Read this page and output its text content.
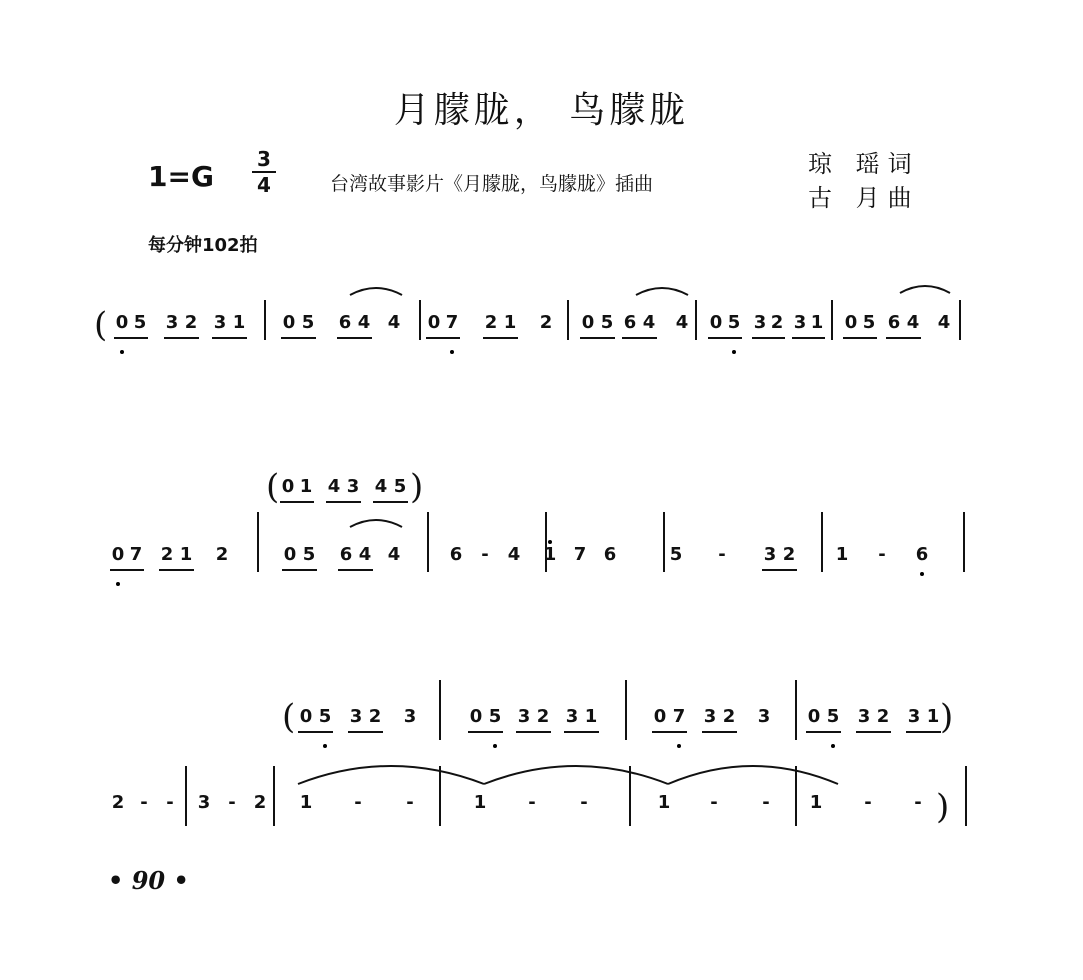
月朦胧， 鸟朦胧
1=G
3
4	台湾故事影片《月朦胧，鸟朦胧》插曲
琼 瑶词
古 月曲
每分钟102拍
( 0 5 3 2 3 1 0 5 6 4 4 0 7 2 1 2 0 5 6 4 4 0 5 3 2 3 1 0 5 6 4 4
( 0 1 4 3 4 5 )
0 7 2 1 2	0 5 6 4 4	6 - 4 1 7 6	5 - 3 2 1 - 6
( 0 5 3 2 3	0 5 3 2 3 1	0 7 3 2 3 0 5 3 2 3 1 )
2 - - 3 - 2 1 - -	1 - -	1 - - 1 - - )
• 90 •
